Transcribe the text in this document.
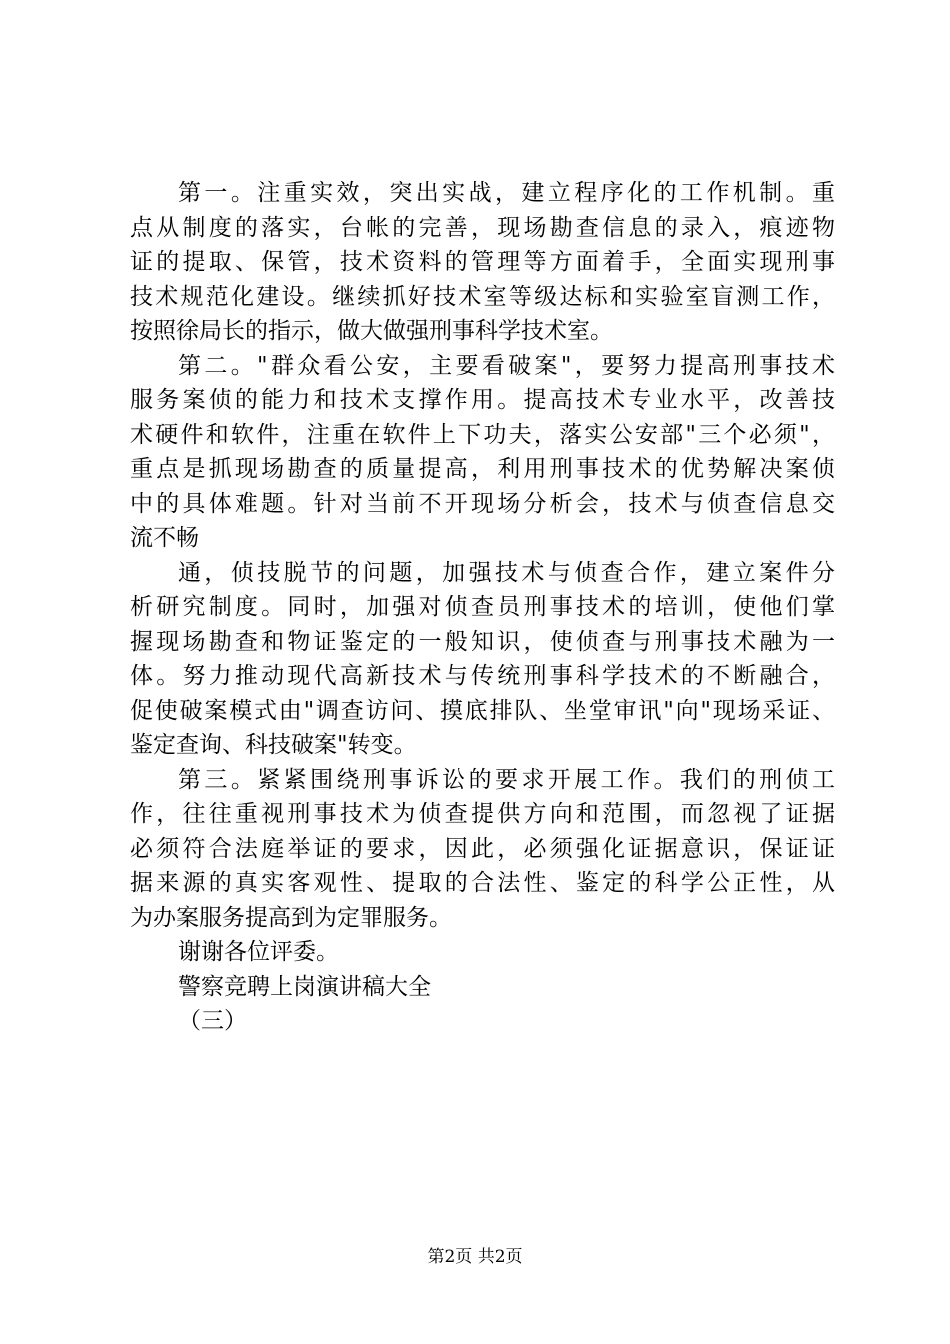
第一。注重实效，突出实战，建立程序化的工作机制。重
点从制度的落实，台帐的完善，现场勘查信息的录入，痕迹物
证的提取、保管，技术资料的管理等方面着手，全面实现刑事
技术规范化建设。继续抓好技术室等级达标和实验室盲测工作，
按照徐局长的指示，做大做强刑事科学技术室。
第二。"群众看公安，主要看破案"，要努力提高刑事技术
服务案侦的能力和技术支撑作用。提高技术专业水平，改善技
术硬件和软件，注重在软件上下功夫，落实公安部"三个必须"，
重点是抓现场勘查的质量提高，利用刑事技术的优势解决案侦
中的具体难题。针对当前不开现场分析会，技术与侦查信息交
流不畅
通，侦技脱节的问题，加强技术与侦查合作，建立案件分
析研究制度。同时，加强对侦查员刑事技术的培训，使他们掌
握现场勘查和物证鉴定的一般知识，使侦查与刑事技术融为一
体。努力推动现代高新技术与传统刑事科学技术的不断融合，
促使破案模式由"调查访问、摸底排队、坐堂审讯"向"现场采证、
鉴定查询、科技破案"转变。
第三。紧紧围绕刑事诉讼的要求开展工作。我们的刑侦工
作，往往重视刑事技术为侦查提供方向和范围，而忽视了证据
必须符合法庭举证的要求，因此，必须强化证据意识，保证证
据来源的真实客观性、提取的合法性、鉴定的科学公正性，从
为办案服务提高到为定罪服务。
谢谢各位评委。
警察竞聘上岗演讲稿大全
（三）
第2页 共2页
